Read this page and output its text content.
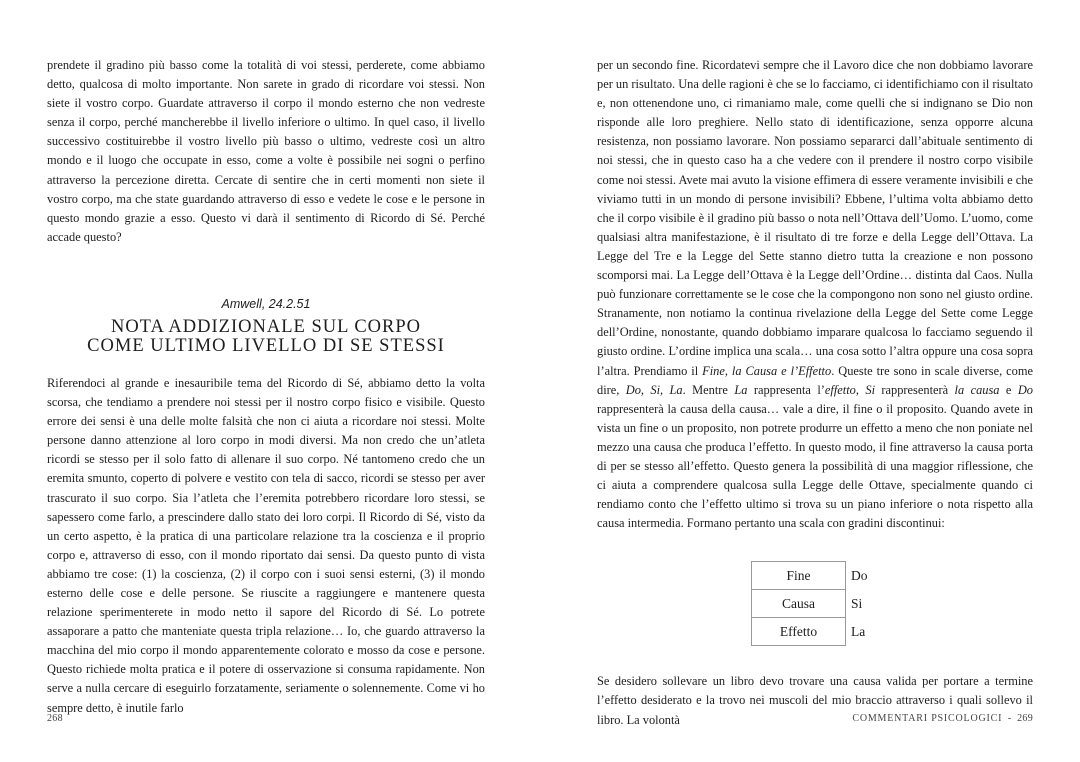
prendete il gradino più basso come la totalità di voi stessi, perderete, come abbiamo detto, qualcosa di molto importante. Non sarete in grado di ricordare voi stessi. Non siete il vostro corpo. Guardate attraverso il corpo il mondo esterno che non vedreste senza il corpo, perché mancherebbe il livello inferiore o ultimo. In quel caso, il livello successivo costituirebbe il vostro livello più basso o ultimo, vedreste così un altro mondo e il luogo che occupate in esso, come a volte è possibile nei sogni o perfino attraverso la percezione diretta. Cercate di sentire che in certi momenti non siete il vostro corpo, ma che state guardando attraverso di esso e vedete le cose e le persone in questo mondo grazie a esso. Questo vi darà il sentimento di Ricordo di Sé. Perché accade questo?

Amwell, 24.2.51
NOTA ADDIZIONALE SUL CORPO
COME ULTIMO LIVELLO DI SE STESSI

Riferendoci al grande e inesauribile tema del Ricordo di Sé, abbiamo detto la volta scorsa, che tendiamo a prendere noi stessi per il nostro corpo fisico e visibile. Questo errore dei sensi è una delle molte falsità che non ci aiuta a ricordare noi stessi. Molte persone danno attenzione al loro corpo in modi diversi. Ma non credo che un’atleta ricordi se stesso per il solo fatto di allenare il suo corpo. Né tantomeno credo che un eremita smunto, coperto di polvere e vestito con tela di sacco, ricordi se stesso per aver trascurato il suo corpo. Sia l’atleta che l’eremita potrebbero ricordare loro stessi, se sapessero come farlo, a prescindere dallo stato dei loro corpi. Il Ricordo di Sé, visto da un certo aspetto, è la pratica di una particolare relazione tra la coscienza e il proprio corpo e, attraverso di esso, con il mondo riportato dai sensi. Da questo punto di vista abbiamo tre cose: (1) la coscienza, (2) il corpo con i suoi sensi esterni, (3) il mondo esterno delle cose e delle persone. Se riuscite a raggiungere e mantenere questa relazione sperimenterete in modo netto il sapore del Ricordo di Sé. Lo potrete assaporare a patto che manteniate questa tripla relazione… Io, che guardo attraverso la macchina del mio corpo il mondo apparentemente colorato e mosso da cose e persone. Questo richiede molta pratica e il potere di osservazione si consuma rapidamente. Non serve a nulla cercare di eseguirlo forzatamente, seriamente o solennemente. Come vi ho sempre detto, è inutile farlo

per un secondo fine. Ricordatevi sempre che il Lavoro dice che non dobbiamo lavorare per un risultato. Una delle ragioni è che se lo facciamo, ci identifichiamo con il risultato e, non ottenendone uno, ci rimaniamo male, come quelli che si indignano se Dio non risponde alle loro preghiere. Nello stato di identificazione, senza opporre alcuna resistenza, non possiamo lavorare. Non possiamo separarci dall’abituale sentimento di noi stessi, che in questo caso ha a che vedere con il prendere il nostro corpo visibile come noi stessi. Avete mai avuto la visione effimera di essere veramente invisibili e che viviamo tutti in un mondo di persone invisibili? Ebbene, l’ultima volta abbiamo detto che il corpo visibile è il gradino più basso o nota nell’Ottava dell’Uomo. L’uomo, come qualsiasi altra manifestazione, è il risultato di tre forze e della Legge dell’Ottava. La Legge del Tre e la Legge del Sette stanno dietro tutta la creazione e non possono scomporsi mai. La Legge dell’Ottava è la Legge dell’Ordine… distinta dal Caos. Nulla può funzionare correttamente se le cose che la compongono non sono nel giusto ordine. Stranamente, non notiamo la continua rivelazione della Legge del Sette come Legge dell’Ordine, nonostante, quando dobbiamo imparare qualcosa lo facciamo seguendo il giusto ordine. L’ordine implica una scala… una cosa sotto l’altra oppure una cosa sopra l’altra. Prendiamo il Fine, la Causa e l’Effetto. Queste tre sono in scale diverse, come dire, Do, Si, La. Mentre La rappresenta l’effetto, Si rappresenterà la causa e Do rappresenterà la causa della causa… vale a dire, il fine o il proposito. Quando avete in vista un fine o un proposito, non potrete produrre un effetto a meno che non poniate nel mezzo una causa che produca l’effetto. In questo modo, il fine attraverso la causa porta di per se stesso all’effetto. Questo genera la possibilità di una maggior riflessione, che ci aiuta a comprendere qualcosa sulla Legge delle Ottave, specialmente quando ci rendiamo conto che l’effetto ultimo si trova su un piano inferiore o nota rispetto alla causa intermedia. Formano pertanto una scala con gradini discontinui:

Fine	Do
Causa	Si
Effetto	La

Se desidero sollevare un libro devo trovare una causa valida per portare a termine l’effetto desiderato e la trovo nei muscoli del mio braccio attraverso i quali sollevo il libro. La volontà

268	COMMENTARI PSICOLOGICI - 269
